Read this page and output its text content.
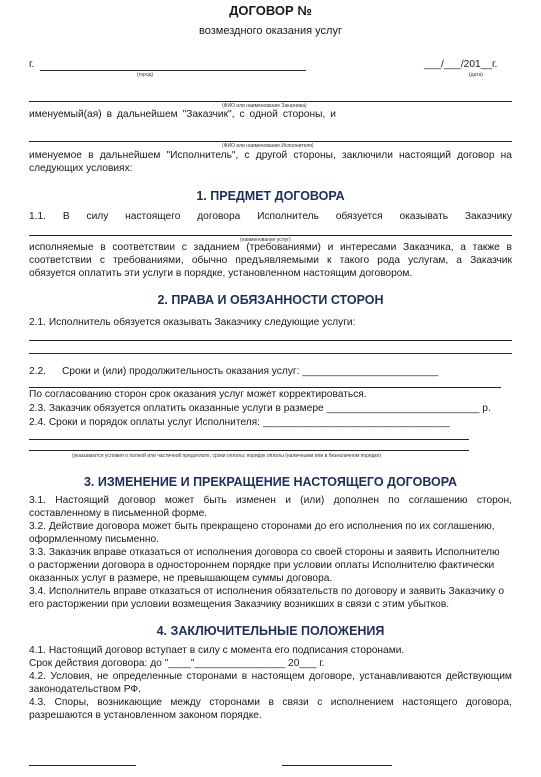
ДОГОВОР №
возмездного оказания услуг
г.
(город)
___/___/201__г.
(дата)
(ФИО или наименование Заказчика)
именуемый(ая) в дальнейшем "Заказчик", с одной стороны, и
(ФИО или наименование Исполнителя)
именуемое в дальнейшем "Исполнитель", с другой стороны, заключили настоящий договор на
следующих условиях:
1. ПРЕДМЕТ ДОГОВОРА
1.1. В силу настоящего договора Исполнитель обязуется оказывать Заказчику
(наименование услуг)
исполняемые в соответствии с заданием (требованиями) и интересами Заказчика, а также в
соответствии с требованиями, обычно предъявляемыми к такого рода услугам, а Заказчик
обязуется оплатить эти услуги в порядке, установленном настоящим договором.
2. ПРАВА И ОБЯЗАННОСТИ СТОРОН
2.1. Исполнитель обязуется оказывать Заказчику следующие услуги:
2.2. Сроки и (или) продолжительность оказания услуг: ________________________
По согласованию сторон срок оказания услуг может корректироваться.
2.3. Заказчик обязуется оплатить оказанные услуги в размере ___________________________ р.
2.4. Сроки и порядок оплаты услуг Исполнителя: _________________________________
(указываются условия о полной или частичной предоплате, сроки оплаты; порядок оплаты (наличными или в безналичном порядке)
3. ИЗМЕНЕНИЕ И ПРЕКРАЩЕНИЕ НАСТОЯЩЕГО ДОГОВОРА
3.1. Настоящий договор может быть изменен и (или) дополнен по соглашению сторон,
составленному в письменной форме.
3.2. Действие договора может быть прекращено сторонами до его исполнения по их соглашению,
оформленному письменно.
3.3. Заказчик вправе отказаться от исполнения договора со своей стороны и заявить Исполнителю
о расторжении договора в одностороннем порядке при условии оплаты Исполнителю фактически
оказанных услуг в размере, не превышающем суммы договора.
3.4. Исполнитель вправе отказаться от исполнения обязательств по договору и заявить Заказчику о
его расторжении при условии возмещения Заказчику возникших в связи с этим убытков.
4. ЗАКЛЮЧИТЕЛЬНЫЕ ПОЛОЖЕНИЯ
4.1. Настоящий договор вступает в силу с момента его подписания сторонами.
Срок действия договора: до "____"________________ 20___ г.
4.2. Условия, не определенные сторонами в настоящем договоре, устанавливаются действующим
законодательством РФ.
4.3. Споры, возникающие между сторонами в связи с исполнением настоящего договора,
разрешаются в установленном законом порядке.
